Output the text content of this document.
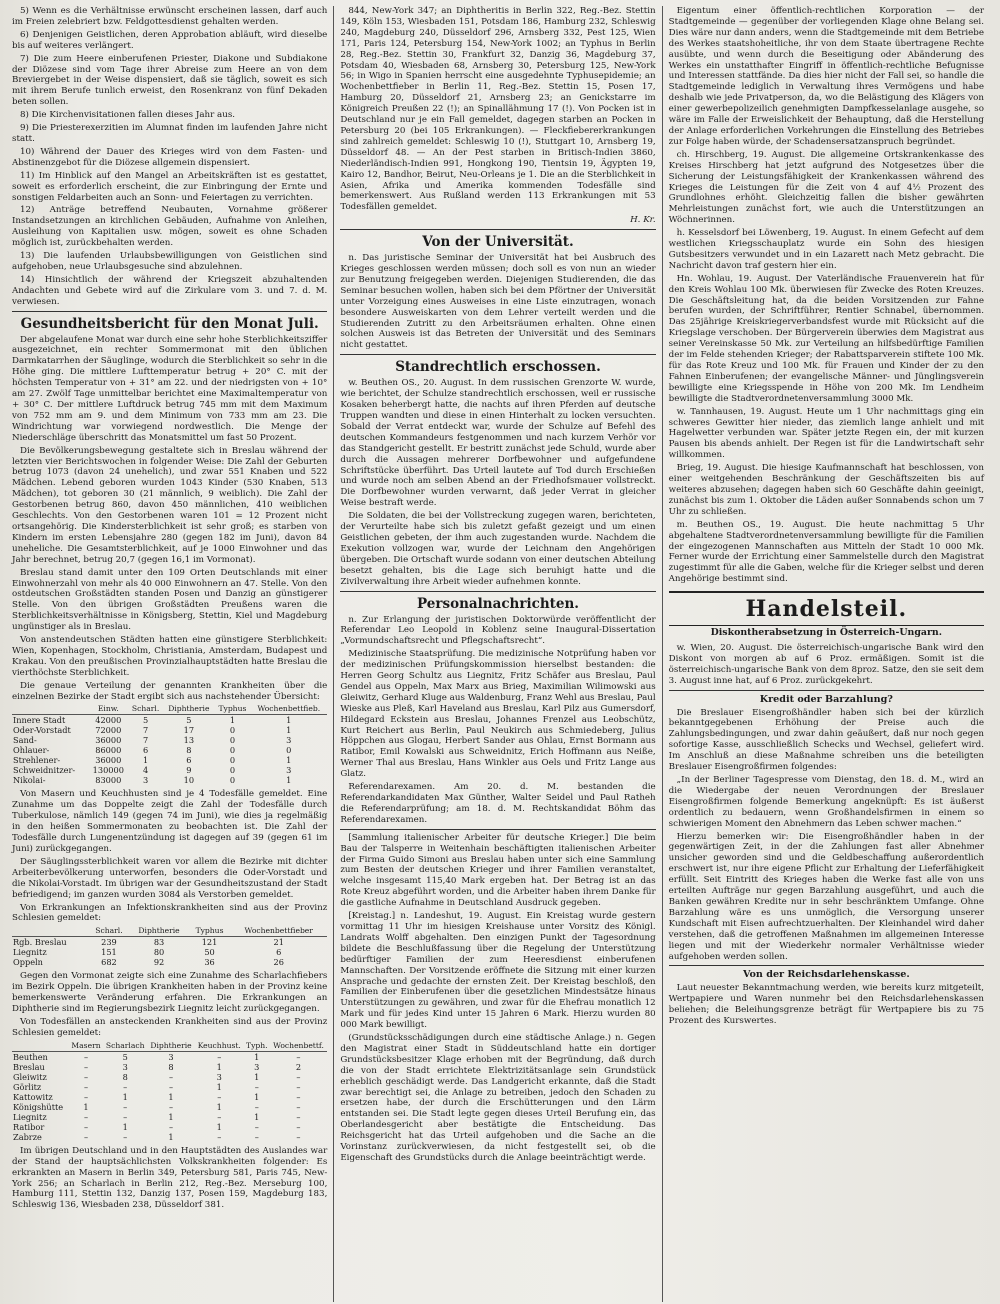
5) Wenn es die Verhältnisse erwünscht erscheinen lassen, darf auch im Freien zelebriert bzw. Feldgottesdienst gehalten werden.

6) Denjenigen Geistlichen, deren Approbation abläuft, wird dieselbe bis auf weiteres verlängert.

7) Die zum Heere einberufenen Priester, Diakone und Subdiakone der Diözese sind vom Tage ihrer Abreise zum Heere an von dem Breviergebet in der Weise dispensiert, daß sie täglich, soweit es sich mit ihrem Berufe tunlich erweist, den Rosenkranz von fünf Dekaden beten sollen.

8) Die Kirchenvisitationen fallen dieses Jahr aus.

9) Die Priesterexerzitien im Alumnat finden im laufenden Jahre nicht statt.

10) Während der Dauer des Krieges wird von dem Fasten- und Abstinenzgebot für die Diözese allgemein dispensiert.

11) Im Hinblick auf den Mangel an Arbeitskräften ist es gestattet, soweit es erforderlich erscheint, die zur Einbringung der Ernte und sonstigen Feldarbeiten auch an Sonn- und Feiertagen zu verrichten.

12) Anträge betreffend Neubauten, Vornahme größerer Instandsetzungen an kirchlichen Gebäuden, Aufnahme von Anleihen, Ausleihung von Kapitalien usw. mögen, soweit es ohne Schaden möglich ist, zurückbehalten werden.

13) Die laufenden Urlaubsbewilligungen von Geistlichen sind aufgehoben, neue Urlaubsgesuche sind abzulehnen.

14) Hinsichtlich der während der Kriegszeit abzuhaltenden Andachten und Gebete wird auf die Zirkulare vom 3. und 7. d. M. verwiesen.

Gesundheitsbericht für den Monat Juli.

Der abgelaufene Monat war durch eine sehr hohe Sterblichkeitsziffer ausgezeichnet, ein rechter Sommermonat mit den üblichen Darmkatarrhen der Säuglinge, wodurch die Sterblichkeit so sehr in die Höhe ging. Die mittlere Lufttemperatur betrug + 20° C. mit der höchsten Temperatur von + 31° am 22. und der niedrigsten von + 10° am 27. Zwölf Tage unmittelbar berichtet eine Maximaltemperatur von + 30° C. Der mittlere Luftdruck betrug 745 mm mit dem Maximum von 752 mm am 9. und dem Minimum von 733 mm am 23. Die Windrichtung war vorwiegend nordwestlich. Die Menge der Niederschläge überschritt das Monatsmittel um fast 50 Prozent.

Die Bevölkerungsbewegung gestaltete sich in Breslau während der letzten vier Berichtswochen in folgender Weise: Die Zahl der Geburten betrug 1073 (davon 24 unehelich), und zwar 551 Knaben und 522 Mädchen. Lebend geboren wurden 1043 Kinder (530 Knaben, 513 Mädchen), tot geboren 30 (21 männlich, 9 weiblich). Die Zahl der Gestorbenen betrug 860, davon 450 männlichen, 410 weiblichen Geschlechts. Von den Gestorbenen waren 101 = 12 Prozent nicht ortsangehörig. Die Kindersterblichkeit ist sehr groß; es starben von Kindern im ersten Lebensjahre 280 (gegen 182 im Juni), davon 84 uneheliche. Die Gesamtsterblichkeit, auf je 1000 Einwohner und das Jahr berechnet, betrug 20,7 (gegen 16,1 im Vormonat).

Breslau stand damit unter den 109 Orten Deutschlands mit einer Einwohnerzahl von mehr als 40 000 Einwohnern an 47. Stelle. Von den ostdeutschen Großstädten standen Posen und Danzig an günstigerer Stelle. Von den übrigen Großstädten Preußens waren die Sterblichkeitsverhältnisse in Königsberg, Stettin, Kiel und Magdeburg ungünstiger als in Breslau.

Von anstendeutschen Städten hatten eine günstigere Sterblichkeit: Wien, Kopenhagen, Stockholm, Christiania, Amsterdam, Budapest und Krakau. Von den preußischen Provinzialhauptstädten hatte Breslau die vierthöchste Sterblichkeit.

Die genaue Verteilung der genannten Krankheiten über die einzelnen Bezirke der Stadt ergibt sich aus nachstehender Übersicht:

	Einw.	Scharl.	Diphtherie	Typhus	Wochenbettfieb.
Innere Stadt	42000	5	5	1	1
Oder-Vorstadt	72000	7	17	0	1
Sand-	36000	7	13	0	3
Ohlauer-	86000	6	8	0	0
Strehlener-	36000	1	6	0	1
Schweidnitzer-	130000	4	9	0	3
Nikolai-	83000	3	10	0	1

Von Masern und Keuchhusten sind je 4 Todesfälle gemeldet. Eine Zunahme um das Doppelte zeigt die Zahl der Todesfälle durch Tuberkulose, nämlich 149 (gegen 74 im Juni), wie dies ja regelmäßig in den heißen Sommermonaten zu beobachten ist. Die Zahl der Todesfälle durch Lungenentzündung ist dagegen auf 39 (gegen 61 im Juni) zurückgegangen.

Der Säuglingssterblichkeit waren vor allem die Bezirke mit dichter Arbeiterbevölkerung unterworfen, besonders die Oder-Vorstadt und die Nikolai-Vorstadt. Im übrigen war der Gesundheitszustand der Stadt befriedigend; im ganzen wurden 3084 als Verstorben gemeldet.

Von Erkrankungen an Infektionskrankheiten sind aus der Provinz Schlesien gemeldet:

	Scharl.	Diphtherie	Typhus	Wochenbettfieber
Rgb. Breslau	239	83	121	21
Liegnitz	151	80	50	6
Oppeln	682	92	36	26

Gegen den Vormonat zeigte sich eine Zunahme des Scharlachfiebers im Bezirk Oppeln. Die übrigen Krankheiten haben in der Provinz keine bemerkenswerte Veränderung erfahren. Die Erkrankungen an Diphtherie sind im Regierungsbezirk Liegnitz leicht zurückgegangen.

Von Todesfällen an ansteckenden Krankheiten sind aus der Provinz Schlesien gemeldet:

	Masern	Scharlach	Diphtherie	Keuchhust.	Typh.	Wochenbettf.
Beuthen	–	5	3	–	1	–
Breslau	–	3	8	1	3	2
Gleiwitz	–	8	–	3	1	–
Görlitz	–	–	–	1	–	–
Kattowitz	–	1	1	–	1	–
Königshütte	1	–	–	1	–	–
Liegnitz	–	–	1	–	1	–
Ratibor	–	1	–	1	–	–
Zabrze	–	–	1	–	–	–

Im übrigen Deutschland und in den Hauptstädten des Auslandes war der Stand der hauptsächlichsten Volkskrankheiten folgender: Es erkrankten an Masern in Berlin 349, Petersburg 581, Paris 745, New-York 256; an Scharlach in Berlin 212, Reg.-Bez. Merseburg 100, Hamburg 111, Stettin 132, Danzig 137, Posen 159, Magdeburg 183, Schleswig 136, Wiesbaden 238, Düsseldorf 381.

844, New-York 347; an Diphtheritis in Berlin 322, Reg.-Bez. Stettin 149, Köln 153, Wiesbaden 151, Potsdam 186, Hamburg 232, Schleswig 240, Magdeburg 240, Düsseldorf 296, Arnsberg 332, Pest 125, Wien 171, Paris 124, Petersburg 154, New-York 1002; an Typhus in Berlin 28, Reg.-Bez. Stettin 30, Frankfurt 32, Danzig 36, Magdeburg 37, Potsdam 40, Wiesbaden 68, Arnsberg 30, Petersburg 125, New-York 56; in Wigo in Spanien herrscht eine ausgedehnte Typhusepidemie; an Wochenbettfieber in Berlin 11, Reg.-Bez. Stettin 15, Posen 17, Hamburg 20, Düsseldorf 21, Arnsberg 23; an Genickstarre im Königreich Preußen 22 (!); an Spinallähmung 17 (!). Von Pocken ist in Deutschland nur je ein Fall gemeldet, dagegen starben an Pocken in Petersburg 20 (bei 105 Erkrankungen). — Fleckfiebererkrankungen sind zahlreich gemeldet: Schleswig 10 (!), Stuttgart 10, Arnsberg 19, Düsseldorf 48. — An der Pest starben in Britisch-Indien 3860, Niederländisch-Indien 991, Hongkong 190, Tientsin 19, Ägypten 19, Kairo 12, Bandhor, Beirut, Neu-Orleans je 1. Die an die Sterblichkeit in Asien, Afrika und Amerika kommenden Todesfälle sind bemerkenswert. Aus Rußland werden 113 Erkrankungen mit 53 Todesfällen gemeldet.

H. Kr.
Von der Universität.

n. Das juristische Seminar der Universität hat bei Ausbruch des Krieges geschlossen werden müssen; doch soll es von nun an wieder zur Benutzung freigegeben werden. Diejenigen Studierenden, die das Seminar besuchen wollen, haben sich bei dem Pförtner der Universität unter Vorzeigung eines Ausweises in eine Liste einzutragen, wonach besondere Ausweiskarten von dem Lehrer verteilt werden und die Studierenden Zutritt zu den Arbeitsräumen erhalten. Ohne einen solchen Ausweis ist das Betreten der Universität und des Seminars nicht gestattet.

Standrechtlich erschossen.

w. Beuthen OS., 20. August. In dem russischen Grenzorte W. wurde, wie berichtet, der Schulze standrechtlich erschossen, weil er russische Kosaken beherbergt hatte, die nachts auf ihren Pferden auf deutsche Truppen wandten und diese in einen Hinterhalt zu locken versuchten. Sobald der Verrat entdeckt war, wurde der Schulze auf Befehl des deutschen Kommandeurs festgenommen und nach kurzem Verhör vor das Standgericht gestellt. Er bestritt zunächst jede Schuld, wurde aber durch die Aussagen mehrerer Dorfbewohner und aufgefundene Schriftstücke überführt. Das Urteil lautete auf Tod durch Erschießen und wurde noch am selben Abend an der Friedhofsmauer vollstreckt. Die Dorfbewohner wurden verwarnt, daß jeder Verrat in gleicher Weise bestraft werde.

Die Soldaten, die bei der Vollstreckung zugegen waren, berichteten, der Verurteilte habe sich bis zuletzt gefaßt gezeigt und um einen Geistlichen gebeten, der ihm auch zugestanden wurde. Nachdem die Exekution vollzogen war, wurde der Leichnam den Angehörigen übergeben. Die Ortschaft wurde sodann von einer deutschen Abteilung besetzt gehalten, bis die Lage sich beruhigt hatte und die Zivilverwaltung ihre Arbeit wieder aufnehmen konnte.

Personalnachrichten.

n. Zur Erlangung der juristischen Doktorwürde veröffentlicht der Referendar Leo Leopold in Koblenz seine Inaugural-Dissertation „Vormundschaftsrecht und Pflegschaftsrecht“.

Medizinische Staatsprüfung. Die medizinische Notprüfung haben vor der medizinischen Prüfungskommission hierselbst bestanden: die Herren Georg Schultz aus Liegnitz, Fritz Schäfer aus Breslau, Paul Gendel aus Oppeln, Max Marx aus Brieg, Maximilian Wilimowski aus Gleiwitz, Gerhard Kluge aus Waldenburg, Franz Wehl aus Breslau, Paul Wieske aus Pleß, Karl Haveland aus Breslau, Karl Pilz aus Gumersdorf, Hildegard Eckstein aus Breslau, Johannes Frenzel aus Leobschütz, Kurt Reichert aus Berlin, Paul Neukirch aus Schmiedeberg, Julius Höppchen aus Glogau, Herbert Sander aus Ohlau, Ernst Bormann aus Ratibor, Emil Kowalski aus Schweidnitz, Erich Hoffmann aus Neiße, Werner Thal aus Breslau, Hans Winkler aus Oels und Fritz Lange aus Glatz.

Referendarexamen. Am 20. d. M. bestanden die Referendarkandidaten Max Günther, Walter Seidel und Paul Ratheh die Referendarprüfung; am 18. d. M. Rechtskandidat Böhm das Referendarexamen.

[Sammlung italienischer Arbeiter für deutsche Krieger.] Die beim Bau der Talsperre in Weitenhain beschäftigten italienischen Arbeiter der Firma Guido Simoni aus Breslau haben unter sich eine Sammlung zum Besten der deutschen Krieger und ihrer Familien veranstaltet, welche insgesamt 115,40 Mark ergeben hat. Der Betrag ist an das Rote Kreuz abgeführt worden, und die Arbeiter haben ihrem Danke für die gastliche Aufnahme in Deutschland Ausdruck gegeben.

[Kreistag.] n. Landeshut, 19. August. Ein Kreistag wurde gestern vormittag 11 Uhr im hiesigen Kreishause unter Vorsitz des Königl. Landrats Wolff abgehalten. Den einzigen Punkt der Tagesordnung bildete die Beschlußfassung über die Regelung der Unterstützung bedürftiger Familien der zum Heeresdienst einberufenen Mannschaften. Der Vorsitzende eröffnete die Sitzung mit einer kurzen Ansprache und gedachte der ernsten Zeit. Der Kreistag beschloß, den Familien der Einberufenen über die gesetzlichen Mindestsätze hinaus Unterstützungen zu gewähren, und zwar für die Ehefrau monatlich 12 Mark und für jedes Kind unter 15 Jahren 6 Mark. Hierzu wurden 80 000 Mark bewilligt.

(Grundstücksschädigungen durch eine städtische Anlage.) n. Gegen den Magistrat einer Stadt in Süddeutschland hatte ein dortiger Grundstücksbesitzer Klage erhoben mit der Begründung, daß durch die von der Stadt errichtete Elektrizitätsanlage sein Grundstück erheblich geschädigt werde. Das Landgericht erkannte, daß die Stadt zwar berechtigt sei, die Anlage zu betreiben, jedoch den Schaden zu ersetzen habe, der durch die Erschütterungen und den Lärm entstanden sei. Die Stadt legte gegen dieses Urteil Berufung ein, das Oberlandesgericht aber bestätigte die Entscheidung. Das Reichsgericht hat das Urteil aufgehoben und die Sache an die Vorinstanz zurückverwiesen, da nicht festgestellt sei, ob die Eigenschaft des Grundstücks durch die Anlage beeinträchtigt werde.

Eigentum einer öffentlich-rechtlichen Korporation — der Stadtgemeinde — gegenüber der vorliegenden Klage ohne Belang sei. Dies wäre nur dann anders, wenn die Stadtgemeinde mit dem Betriebe des Werkes staatshoheitliche, ihr von dem Staate übertragene Rechte ausübte, und wenn durch die Beseitigung oder Abänderung des Werkes ein unstatthafter Eingriff in öffentlich-rechtliche Befugnisse und Interessen stattfände. Da dies hier nicht der Fall sei, so handle die Stadtgemeinde lediglich in Verwaltung ihres Vermögens und habe deshalb wie jede Privatperson, da, wo die Belästigung des Klägers von einer gewerbepolizeilich genehmigten Dampfkesselanlage ausgehe, so wäre im Falle der Erweislichkeit der Behauptung, daß die Herstellung der Anlage erforderlichen Vorkehrungen die Einstellung des Betriebes zur Folge haben würde, der Schadensersatzanspruch begründet.

ch. Hirschberg, 19. August. Die allgemeine Ortskrankenkasse des Kreises Hirschberg hat jetzt aufgrund des Notgesetzes über die Sicherung der Leistungsfähigkeit der Krankenkassen während des Krieges die Leistungen für die Zeit von 4 auf 4½ Prozent des Grundlohnes erhöht. Gleichzeitig fallen die bisher gewährten Mehrleistungen zunächst fort, wie auch die Unterstützungen an Wöchnerinnen.

h. Kesselsdorf bei Löwenberg, 19. August. In einem Gefecht auf dem westlichen Kriegsschauplatz wurde ein Sohn des hiesigen Gutsbesitzers verwundet und in ein Lazarett nach Metz gebracht. Die Nachricht davon traf gestern hier ein.

Hn. Wohlau, 19. August. Der Vaterländische Frauenverein hat für den Kreis Wohlau 100 Mk. überwiesen für Zwecke des Roten Kreuzes. Die Geschäftsleitung hat, da die beiden Vorsitzenden zur Fahne berufen wurden, der Schriftführer, Rentier Schnabel, übernommen. Das 25jährige Kreiskriegerverbandsfest wurde mit Rücksicht auf die Kriegslage verschoben. Der Bürgerverein überwies dem Magistrat aus seiner Vereinskasse 50 Mk. zur Verteilung an hilfsbedürftige Familien der im Felde stehenden Krieger; der Rabattsparverein stiftete 100 Mk. für das Rote Kreuz und 100 Mk. für Frauen und Kinder der zu den Fahnen Einberufenen; der evangelische Männer- und Jünglingsverein bewilligte eine Kriegsspende in Höhe von 200 Mk. Im Lendheim bewilligte die Stadtverordnetenversammlung 3000 Mk.

w. Tannhausen, 19. August. Heute um 1 Uhr nachmittags ging ein schweres Gewitter hier nieder, das ziemlich lange anhielt und mit Hagelwetter verbunden war. Später jetzte Regen ein, der mit kurzen Pausen bis abends anhielt. Der Regen ist für die Landwirtschaft sehr willkommen.

Brieg, 19. August. Die hiesige Kaufmannschaft hat beschlossen, von einer weitgehenden Beschränkung der Geschäftszeiten bis auf weiteres abzusehen; dagegen haben sich 60 Geschäfte dahin geeinigt, zunächst bis zum 1. Oktober die Läden außer Sonnabends schon um 7 Uhr zu schließen.

m. Beuthen OS., 19. August. Die heute nachmittag 5 Uhr abgehaltene Stadtverordnetenversammlung bewilligte für die Familien der eingezogenen Mannschaften aus Mitteln der Stadt 10 000 Mk. Ferner wurde der Errichtung einer Sammelstelle durch den Magistrat zugestimmt für alle die Gaben, welche für die Krieger selbst und deren Angehörige bestimmt sind.

Handelsteil.
Diskontherabsetzung in Österreich-Ungarn.

w. Wien, 20. August. Die österreichisch-ungarische Bank wird den Diskont von morgen ab auf 6 Proz. ermäßigen. Somit ist die österreichisch-ungarische Bank von dem 8proz. Satze, den sie seit dem 3. August inne hat, auf 6 Proz. zurückgekehrt.

Kredit oder Barzahlung?

Die Breslauer Eisengroßhändler haben sich bei der kürzlich bekanntgegebenen Erhöhung der Preise auch die Zahlungsbedingungen, und zwar dahin geäußert, daß nur noch gegen sofortige Kasse, ausschließlich Schecks und Wechsel, geliefert wird. Im Anschluß an diese Maßnahme schreiben uns die beteiligten Breslauer Eisengroßfirmen folgendes:

„In der Berliner Tagespresse vom Dienstag, den 18. d. M., wird an die Wiedergabe der neuen Verordnungen der Breslauer Eisengroßfirmen folgende Bemerkung angeknüpft: Es ist äußerst ordentlich zu bedauern, wenn Großhandelsfirmen in einem so schwierigen Moment den Abnehmern das Leben schwer machen.“

Hierzu bemerken wir: Die Eisengroßhändler haben in der gegenwärtigen Zeit, in der die Zahlungen fast aller Abnehmer unsicher geworden sind und die Geldbeschaffung außerordentlich erschwert ist, nur ihre eigene Pflicht zur Erhaltung der Lieferfähigkeit erfüllt. Seit Eintritt des Krieges haben die Werke fast alle von uns erteilten Aufträge nur gegen Barzahlung ausgeführt, und auch die Banken gewähren Kredite nur in sehr beschränktem Umfange. Ohne Barzahlung wäre es uns unmöglich, die Versorgung unserer Kundschaft mit Eisen aufrechtzuerhalten. Der Kleinhandel wird daher verstehen, daß die getroffenen Maßnahmen im allgemeinen Interesse liegen und mit der Wiederkehr normaler Verhältnisse wieder aufgehoben werden sollen.

Von der Reichsdarlehenskasse.

Laut neuester Bekanntmachung werden, wie bereits kurz mitgeteilt, Wertpapiere und Waren nunmehr bei den Reichsdarlehenskassen beliehen; die Beleihungsgrenze beträgt für Wertpapiere bis zu 75 Prozent des Kurswertes.
